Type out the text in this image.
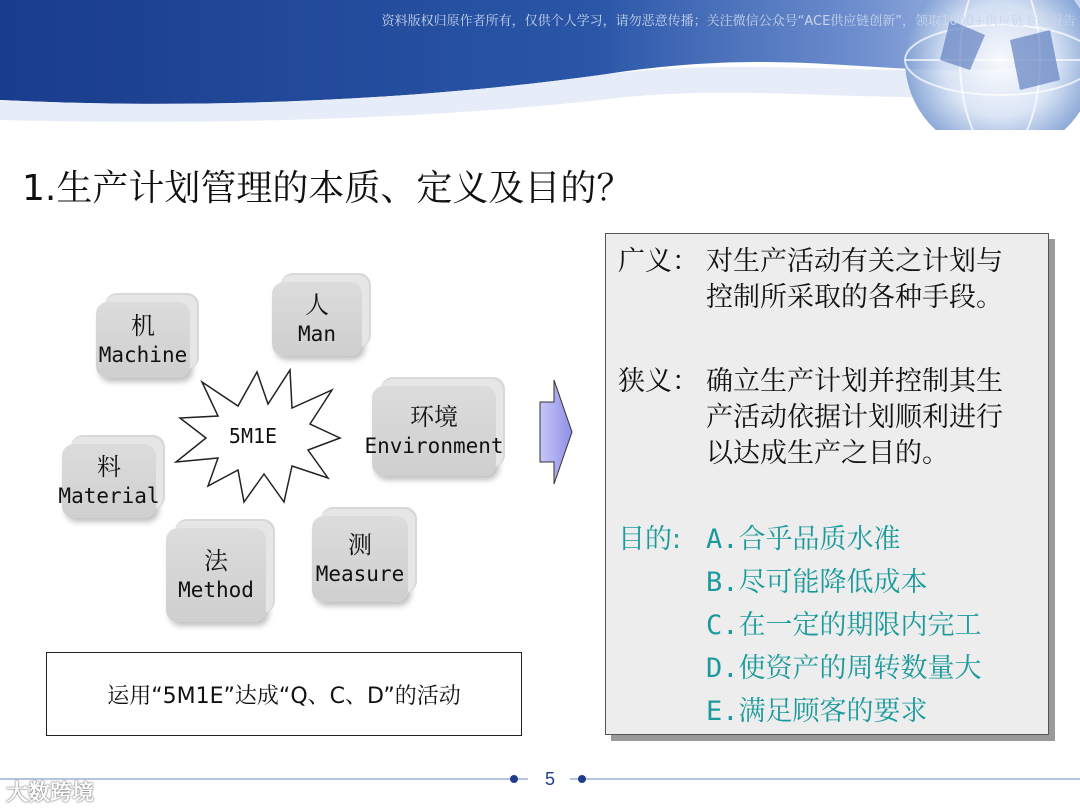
资料版权归原作者所有，仅供个人学习，请勿恶意传播；关注微信公众号“ACE供应链创新”，领取1000+供应链专题报告
1.生产计划管理的本质、定义及目的？
人
Man
机
Machine
环境
Environment
料
Material
法
Method
测
Measure
5M1E
运用“5M1E”达成“Q、C、D”的活动
广义： 对生产活动有关之计划与
控制所采取的各种手段。
狭义： 确立生产计划并控制其生
产活动依据计划顺利进行
以达成生产之目的。
目的: A.合乎品质水准
B.尽可能降低成本
C.在一定的期限内完工
D.使资产的周转数量大
E.满足顾客的要求
5
大数跨境
